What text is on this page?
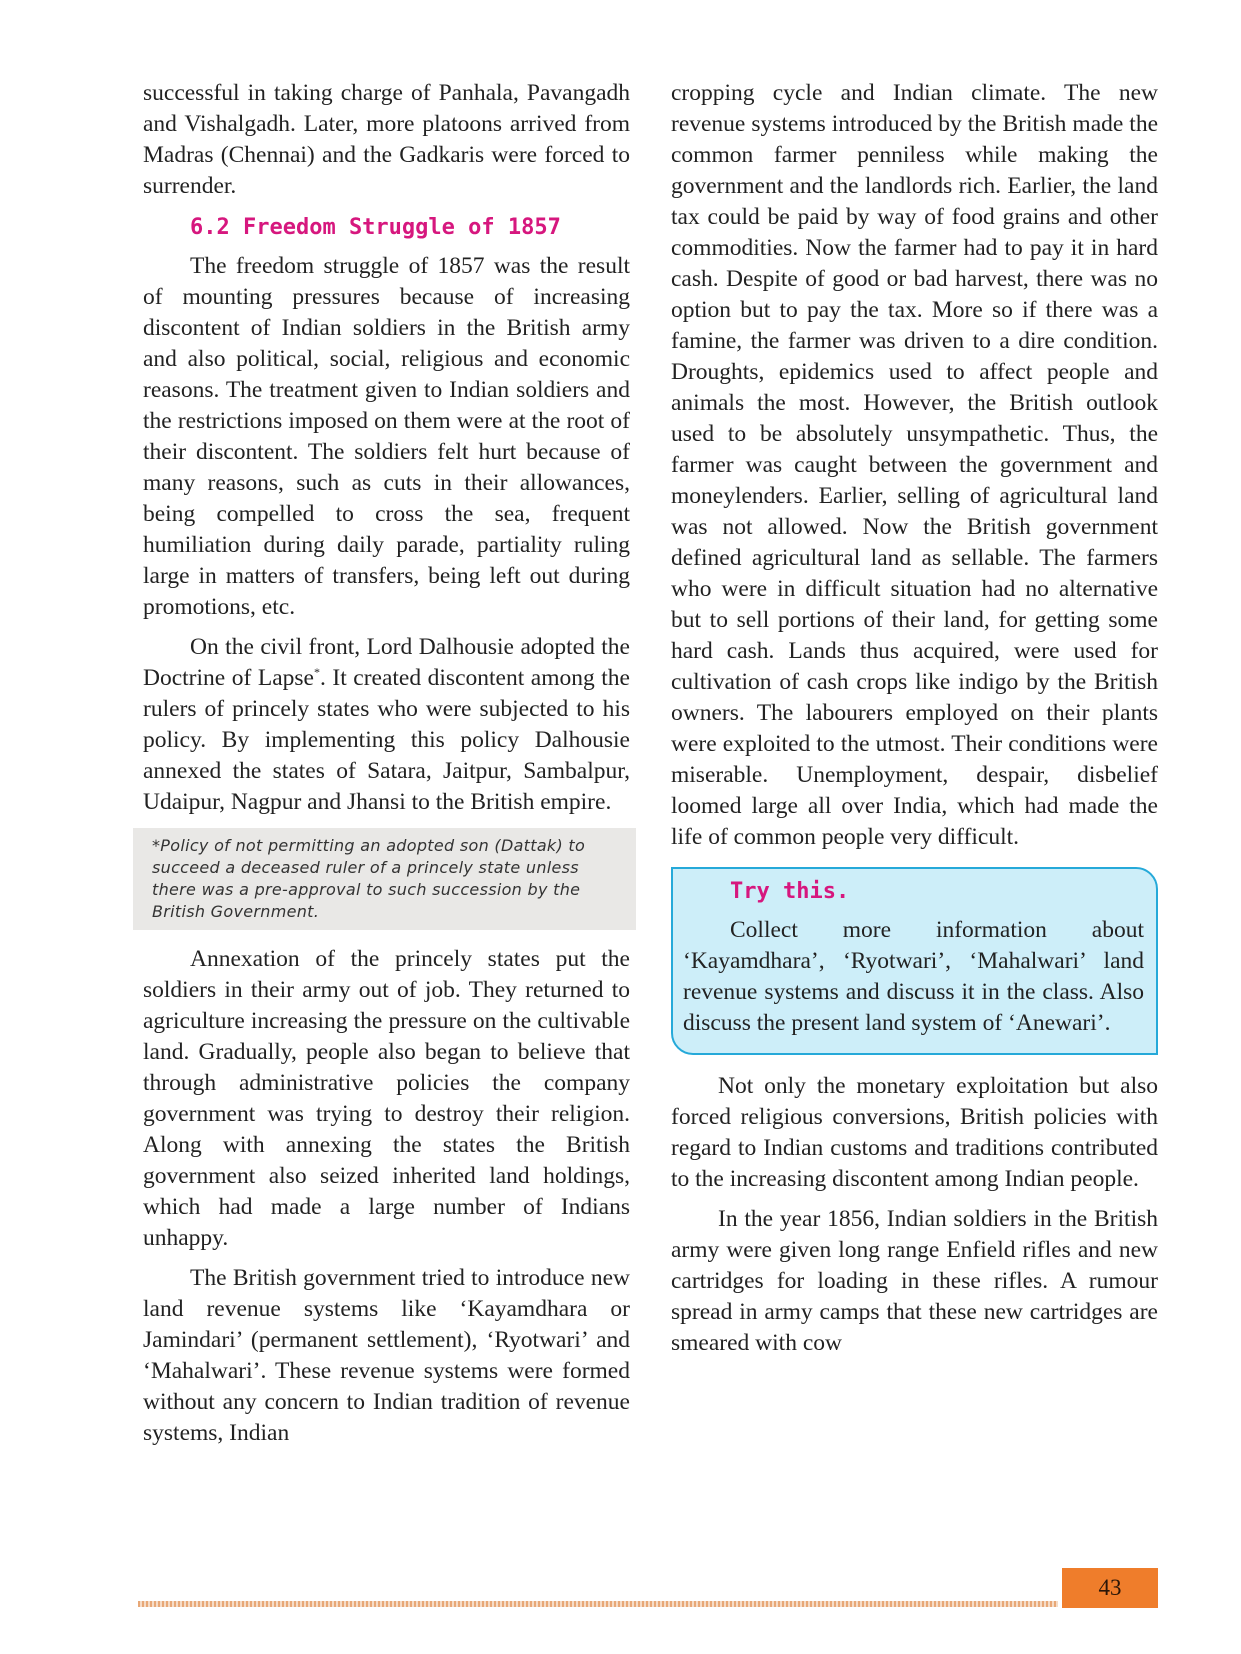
successful in taking charge of Panhala, Pavangadh and Vishalgadh. Later, more platoons arrived from Madras (Chennai) and the Gadkaris were forced to surrender.

6.2 Freedom Struggle of 1857

The freedom struggle of 1857 was the result of mounting pressures because of increasing discontent of Indian soldiers in the British army and also political, social, religious and economic reasons. The treatment given to Indian soldiers and the restrictions imposed on them were at the root of their discontent. The soldiers felt hurt because of many reasons, such as cuts in their allowances, being compelled to cross the sea, frequent humiliation during daily parade, partiality ruling large in matters of transfers, being left out during promotions, etc.

On the civil front, Lord Dalhousie adopted the Doctrine of Lapse*. It created discontent among the rulers of princely states who were subjected to his policy. By implementing this policy Dalhousie annexed the states of Satara, Jaitpur, Sambalpur, Udaipur, Nagpur and Jhansi to the British empire.

*Policy of not permitting an adopted son (Dattak) to succeed a deceased ruler of a princely state unless there was a pre-approval to such succession by the British Government.

Annexation of the princely states put the soldiers in their army out of job. They returned to agriculture increasing the pressure on the cultivable land. Gradually, people also began to believe that through administrative policies the company government was trying to destroy their religion. Along with annexing the states the British government also seized inherited land holdings, which had made a large number of Indians unhappy.

The British government tried to introduce new land revenue systems like ‘Kayamdhara or Jamindari’ (permanent settlement), ‘Ryotwari’ and ‘Mahalwari’. These revenue systems were formed without any concern to Indian tradition of revenue systems, Indian

cropping cycle and Indian climate. The new revenue systems introduced by the British made the common farmer penniless while making the government and the landlords rich. Earlier, the land tax could be paid by way of food grains and other commodities. Now the farmer had to pay it in hard cash. Despite of good or bad harvest, there was no option but to pay the tax. More so if there was a famine, the farmer was driven to a dire condition. Droughts, epidemics used to affect people and animals the most. However, the British outlook used to be absolutely unsympathetic. Thus, the farmer was caught between the government and moneylenders. Earlier, selling of agricultural land was not allowed. Now the British government defined agricultural land as sellable. The farmers who were in difficult situation had no alternative but to sell portions of their land, for getting some hard cash. Lands thus acquired, were used for cultivation of cash crops like indigo by the British owners. The labourers employed on their plants were exploited to the utmost. Their conditions were miserable. Unemployment, despair, disbelief loomed large all over India, which had made the life of common people very difficult.

Try this.

Collect more information about ‘Kayamdhara’, ‘Ryotwari’, ‘Mahalwari’ land revenue systems and discuss it in the class. Also discuss the present land system of ‘Anewari’.

Not only the monetary exploitation but also forced religious conversions, British policies with regard to Indian customs and traditions contributed to the increasing discontent among Indian people.

In the year 1856, Indian soldiers in the British army were given long range Enfield rifles and new cartridges for loading in these rifles. A rumour spread in army camps that these new cartridges are smeared with cow

43
